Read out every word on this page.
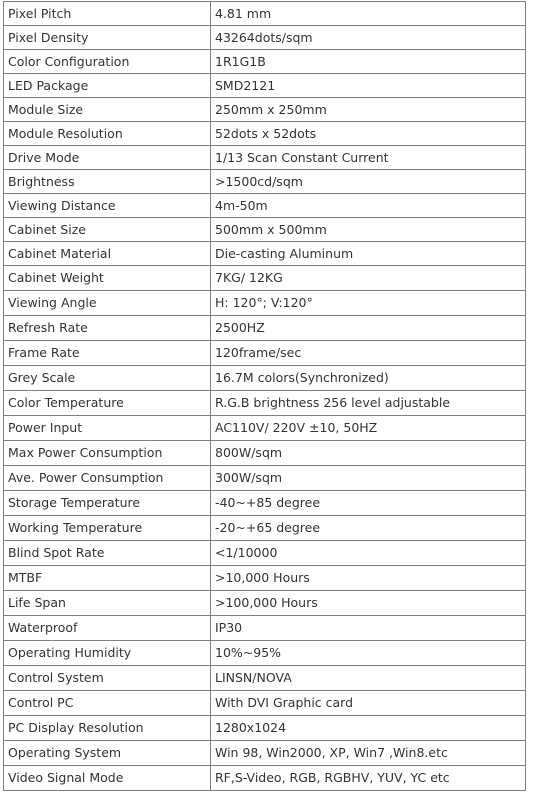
Pixel Pitch	4.81 mm
Pixel Density	43264dots/sqm
Color Configuration	1R1G1B
LED Package	SMD2121
Module Size	250mm x 250mm
Module Resolution	52dots x 52dots
Drive Mode	1/13 Scan Constant Current
Brightness	>1500cd/sqm
Viewing Distance	4m-50m
Cabinet Size	500mm x 500mm
Cabinet Material	Die-casting Aluminum
Cabinet Weight	7KG/ 12KG
Viewing Angle	H: 120°; V:120°
Refresh Rate	2500HZ
Frame Rate	120frame/sec
Grey Scale	16.7M colors(Synchronized)
Color Temperature	R.G.B brightness 256 level adjustable
Power Input	AC110V/ 220V ±10, 50HZ
Max Power Consumption	800W/sqm
Ave. Power Consumption	300W/sqm
Storage Temperature	-40~+85 degree
Working Temperature	-20~+65 degree
Blind Spot Rate	<1/10000
MTBF	>10,000 Hours
Life Span	>100,000 Hours
Waterproof	IP30
Operating Humidity	10%~95%
Control System	LINSN/NOVA
Control PC	With DVI Graphic card
PC Display Resolution	1280x1024
Operating System	Win 98, Win2000, XP, Win7 ,Win8.etc
Video Signal Mode	RF,S-Video, RGB, RGBHV, YUV, YC etc
